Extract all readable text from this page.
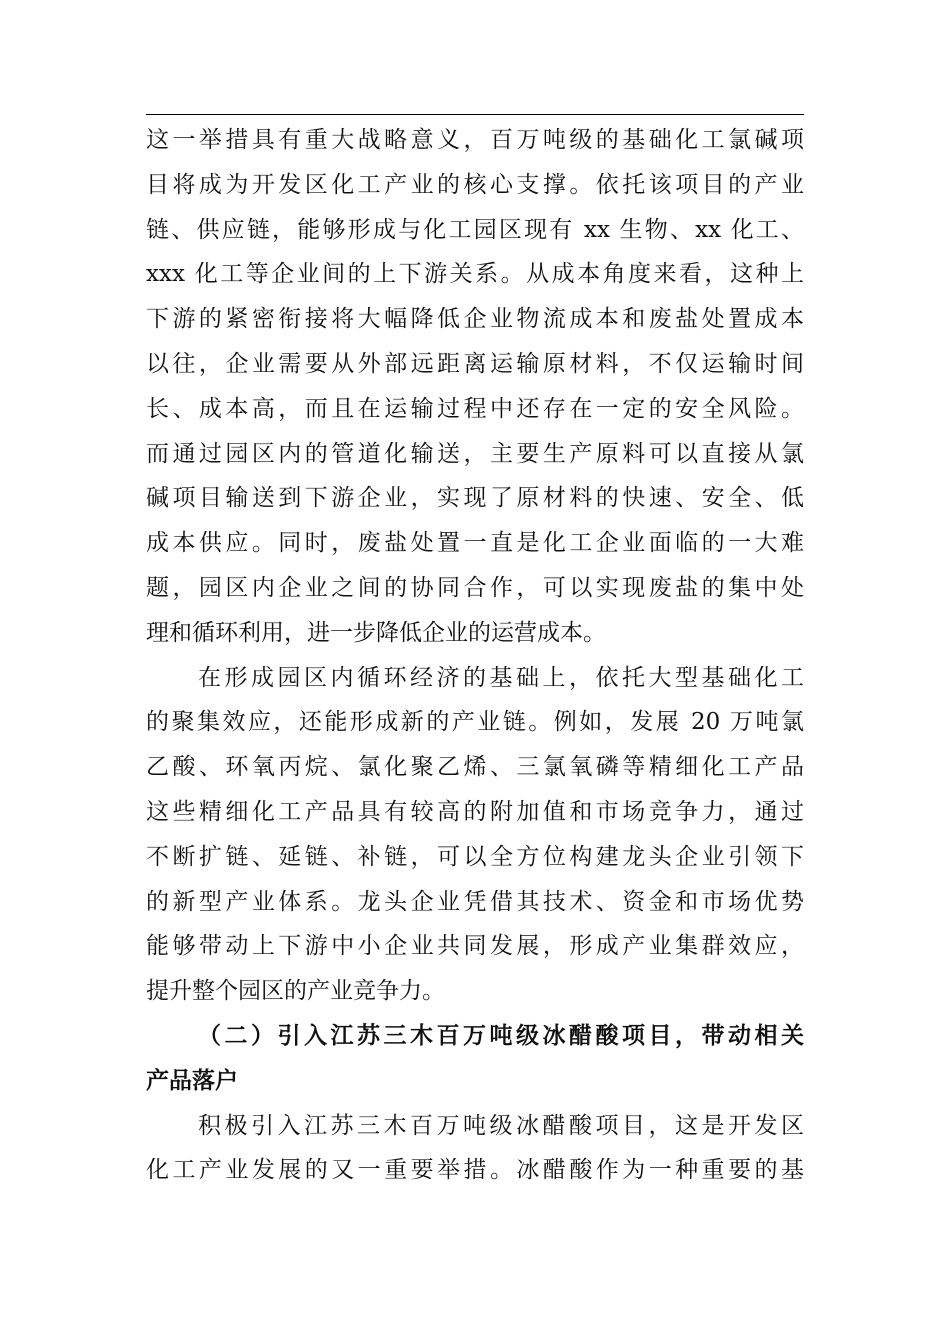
这一举措具有重大战略意义，百万吨级的基础化工氯碱项
目将成为开发区化工产业的核心支撑。依托该项目的产业
链、供应链，能够形成与化工园区现有 xx 生物、xx 化工、
xxx 化工等企业间的上下游关系。从成本角度来看，这种上
下游的紧密衔接将大幅降低企业物流成本和废盐处置成本
以往，企业需要从外部远距离运输原材料，不仅运输时间
长、成本高，而且在运输过程中还存在一定的安全风险。
而通过园区内的管道化输送，主要生产原料可以直接从氯
碱项目输送到下游企业，实现了原材料的快速、安全、低
成本供应。同时，废盐处置一直是化工企业面临的一大难
题，园区内企业之间的协同合作，可以实现废盐的集中处
理和循环利用，进一步降低企业的运营成本。
在形成园区内循环经济的基础上，依托大型基础化工
的聚集效应，还能形成新的产业链。例如，发展 20 万吨氯
乙酸、环氧丙烷、氯化聚乙烯、三氯氧磷等精细化工产品
这些精细化工产品具有较高的附加值和市场竞争力，通过
不断扩链、延链、补链，可以全方位构建龙头企业引领下
的新型产业体系。龙头企业凭借其技术、资金和市场优势
能够带动上下游中小企业共同发展，形成产业集群效应，
提升整个园区的产业竞争力。
（二）引入江苏三木百万吨级冰醋酸项目，带动相关
产品落户
积极引入江苏三木百万吨级冰醋酸项目，这是开发区
化工产业发展的又一重要举措。冰醋酸作为一种重要的基
